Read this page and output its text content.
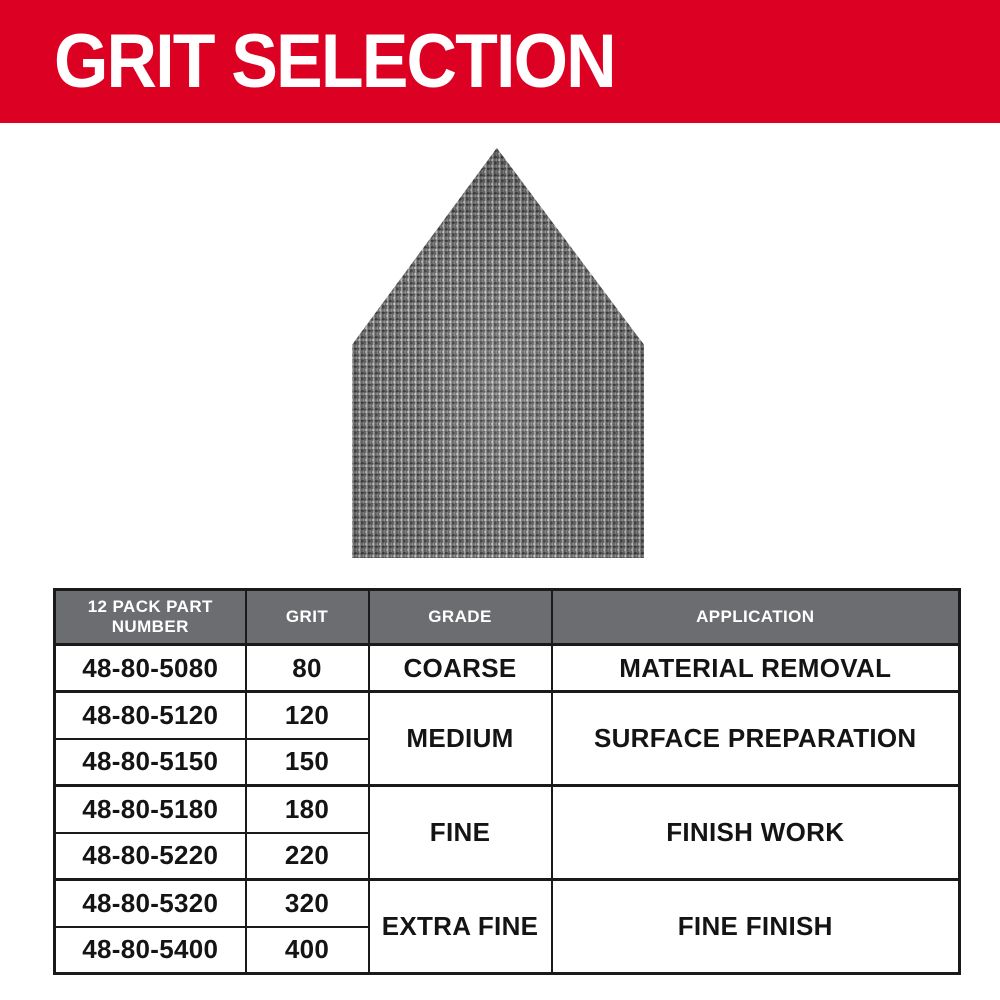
GRIT SELECTION
12 PACK PART NUMBER	GRIT	GRADE	APPLICATION
48-80-5080	80	COARSE	MATERIAL REMOVAL
48-80-5120	120	MEDIUM	SURFACE PREPARATION
48-80-5150	150		
48-80-5180	180	FINE	FINISH WORK
48-80-5220	220		
48-80-5320	320	EXTRA FINE	FINE FINISH
48-80-5400	400		
